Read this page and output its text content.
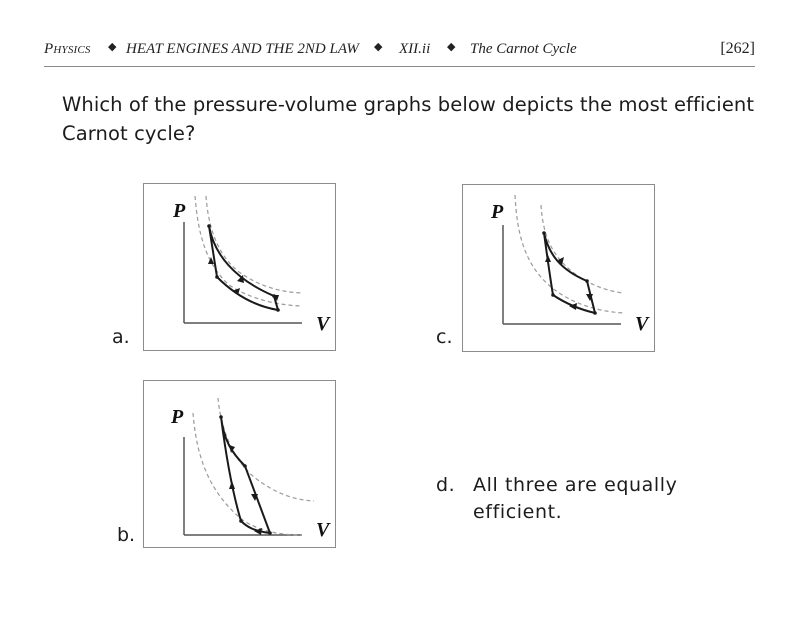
Physics ◆ HEAT ENGINES AND THE 2ND LAW ◆ XII.ii ◆ The Carnot Cycle	[262]
Which of the pressure-volume graphs below depicts the most efficient Carnot cycle?
a.
P
V
c.
P
V
b.
P
V
d. All three are equally efficient.
